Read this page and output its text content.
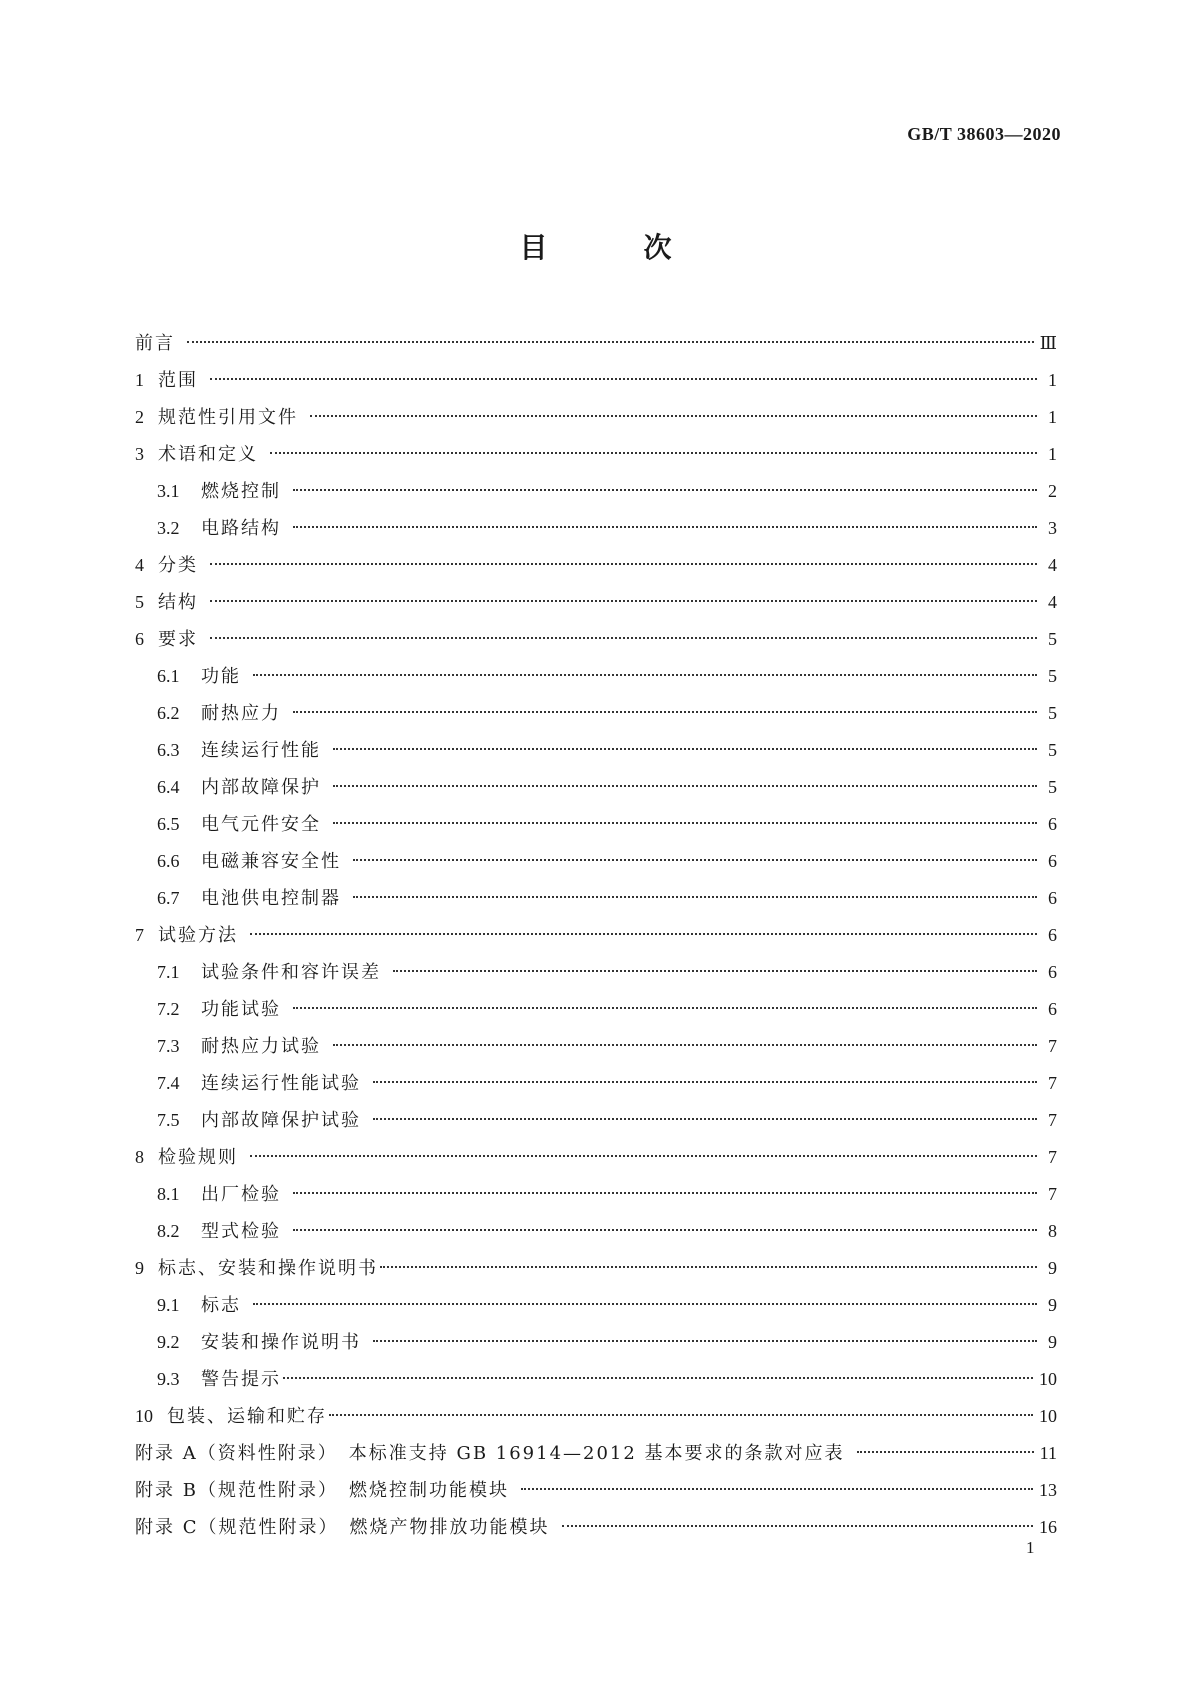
GB/T 38603—2020
目　次
前言	Ⅲ
1 范围	1
2 规范性引用文件	1
3 术语和定义	1
3.1	燃烧控制	2
3.2	电路结构	3
4 分类	4
5 结构	4
6 要求	5
6.1	功能	5
6.2	耐热应力	5
6.3	连续运行性能	5
6.4	内部故障保护	5
6.5	电气元件安全	6
6.6	电磁兼容安全性	6
6.7	电池供电控制器	6
7 试验方法	6
7.1	试验条件和容许误差	6
7.2	功能试验	6
7.3	耐热应力试验	7
7.4	连续运行性能试验	7
7.5	内部故障保护试验	7
8 检验规则	7
8.1	出厂检验	7
8.2	型式检验	8
9 标志、安装和操作说明书	9
9.1	标志	9
9.2	安装和操作说明书	9
9.3	警告提示	10
10 包装、运输和贮存	10
附录 A（资料性附录）　本标准支持 GB 16914—2012 基本要求的条款对应表	11
附录 B（规范性附录）　燃烧控制功能模块	13
附录 C（规范性附录）　燃烧产物排放功能模块	16
1
